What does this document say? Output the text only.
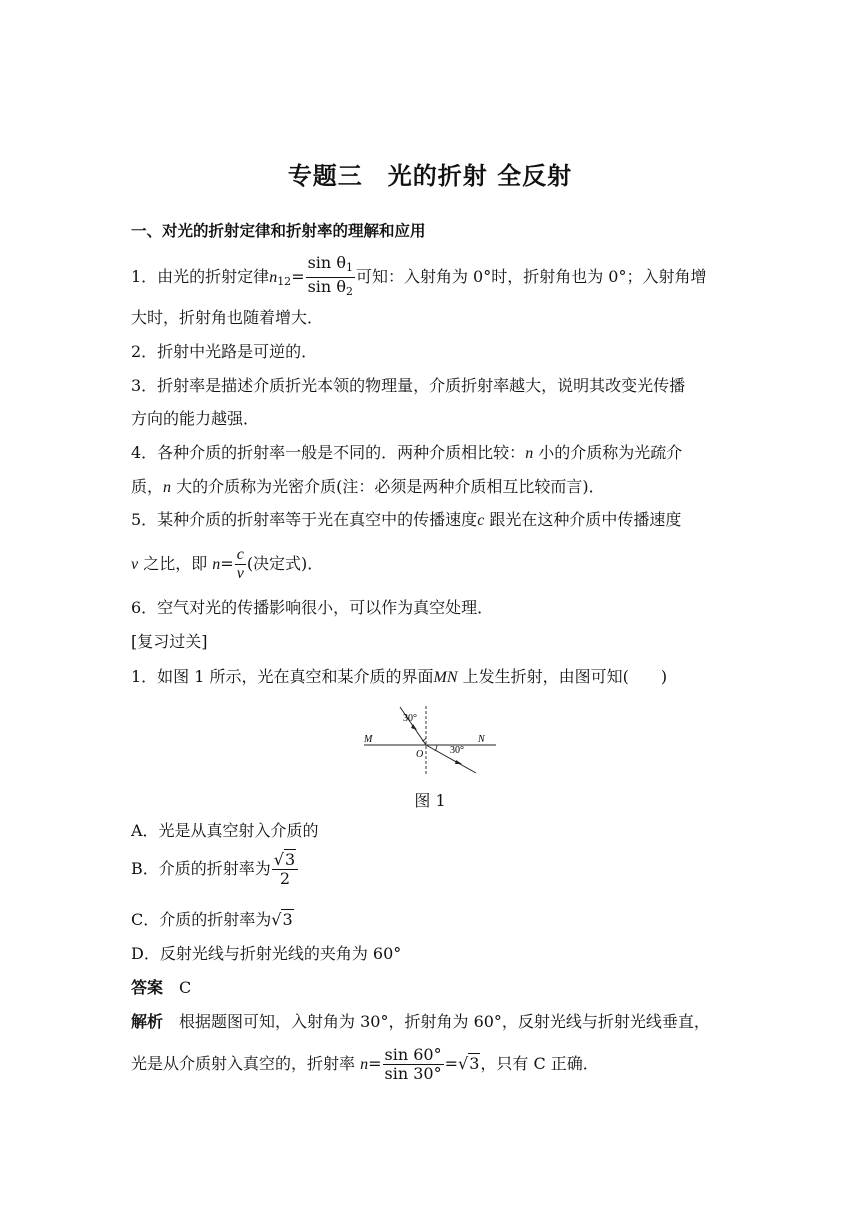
专题三　光的折射 全反射
一、对光的折射定律和折射率的理解和应用
1．由光的折射定律$n_{12}= \frac{\sin \theta_1}{\sin \theta_2}$ 可知：入射角为 0°时，折射角也为 0°；入射角增
大时，折射角也随着增大．
2．折射中光路是可逆的．
3．折射率是描述介质折光本领的物理量，介质折射率越大，说明其改变光传播
方向的能力越强．
4．各种介质的折射率一般是不同的．两种介质相比较：n 小的介质称为光疏介
质，n 大的介质称为光密介质(注：必须是两种介质相互比较而言)．
5．某种介质的折射率等于光在真空中的传播速度c 跟光在这种介质中传播速度
v 之比，即 $n= \frac{c}{v}$ (决定式)．
6．空气对光的传播影响很小，可以作为真空处理．
[复习过关]
1．如图 1 所示，光在真空和某介质的界面MN 上发生折射，由图可知(　　)
30°
30°
M	N
O
图 1
A．光是从真空射入介质的
B．介质的折射率为 $\frac{√3}{2}$
C．介质的折射率为√3
D．反射光线与折射光线的夹角为 60°
答案　 C
解析　 根据题图可知，入射角为 30°，折射角为 60°，反射光线与折射光线垂直，
光是从介质射入真空的，折射率 $n= \frac{\sin 60^\circ}{\sin 30^\circ} =√3$，只有 C 正确．
